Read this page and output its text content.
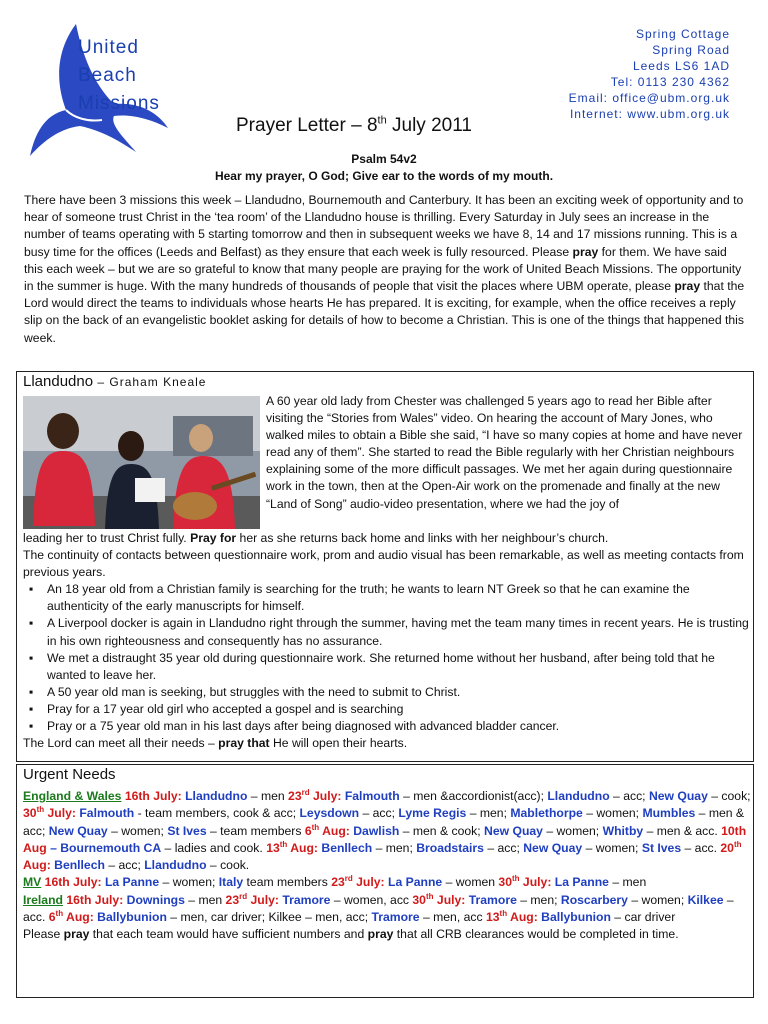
United
Beach
Missions
Spring Cottage
Spring Road
Leeds LS6 1AD
Tel: 0113 230 4362
Email: office@ubm.org.uk
Internet: www.ubm.org.uk
Prayer Letter – 8th July 2011
Psalm 54v2
Hear my prayer, O God; Give ear to the words of my mouth.
There have been 3 missions this week – Llandudno, Bournemouth and Canterbury. It has been an exciting week of opportunity and to hear of someone trust Christ in the ‘tea room’ of the Llandudno house is thrilling. Every Saturday in July sees an increase in the number of teams operating with 5 starting tomorrow and then in subsequent weeks we have 8, 14 and 17 missions running. This is a busy time for the offices (Leeds and Belfast) as they ensure that each week is fully resourced. Please pray for them. We have said this each week – but we are so grateful to know that many people are praying for the work of United Beach Missions. The opportunity in the summer is huge. With the many hundreds of thousands of people that visit the places where UBM operate, please pray that the Lord would direct the teams to individuals whose hearts He has prepared. It is exciting, for example, when the office receives a reply slip on the back of an evangelistic booklet asking for details of how to become a Christian. This is one of the things that happened this week.
Llandudno – Graham Kneale
A 60 year old lady from Chester was challenged 5 years ago to read her Bible after visiting the “Stories from Wales” video. On hearing the account of Mary Jones, who walked miles to obtain a Bible she said, “I have so many copies at home and have never read any of them”. She started to read the Bible regularly with her Christian neighbours explaining some of the more difficult passages. We met her again during questionnaire work in the town, then at the Open-Air work on the promenade and finally at the new “Land of Song” audio-video presentation, where we had the joy of
leading her to trust Christ fully. Pray for her as she returns back home and links with her neighbour’s church.
The continuity of contacts between questionnaire work, prom and audio visual has been remarkable, as well as meeting contacts from previous years.
▪ An 18 year old from a Christian family is searching for the truth; he wants to learn NT Greek so that he can examine the authenticity of the early manuscripts for himself.
▪ A Liverpool docker is again in Llandudno right through the summer, having met the team many times in recent years. He is trusting in his own righteousness and consequently has no assurance.
▪ We met a distraught 35 year old during questionnaire work. She returned home without her husband, after being told that he wanted to leave her.
▪ A 50 year old man is seeking, but struggles with the need to submit to Christ.
▪ Pray for a 17 year old girl who accepted a gospel and is searching
▪ Pray or a 75 year old man in his last days after being diagnosed with advanced bladder cancer.
The Lord can meet all their needs – pray that He will open their hearts.
Urgent Needs
England & Wales 16th July: Llandudno – men 23rd July: Falmouth – men &accordionist(acc); Llandudno – acc; New Quay – cook; 30th July: Falmouth - team members, cook & acc; Leysdown – acc; Lyme Regis – men; Mablethorpe – women; Mumbles – men & acc; New Quay – women; St Ives – team members 6th Aug: Dawlish – men & cook; New Quay – women; Whitby – men & acc. 10th Aug – Bournemouth CA – ladies and cook. 13th Aug: Benllech – men; Broadstairs – acc; New Quay – women; St Ives – acc. 20th Aug: Benllech – acc; Llandudno – cook.
MV 16th July: La Panne – women; Italy team members 23rd July: La Panne – women 30th July: La Panne – men
Ireland 16th July: Downings – men 23rd July: Tramore – women, acc 30th July: Tramore – men; Roscarbery – women; Kilkee – acc. 6th Aug: Ballybunion – men, car driver; Kilkee – men, acc; Tramore – men, acc 13th Aug: Ballybunion – car driver
Please pray that each team would have sufficient numbers and pray that all CRB clearances would be completed in time.
